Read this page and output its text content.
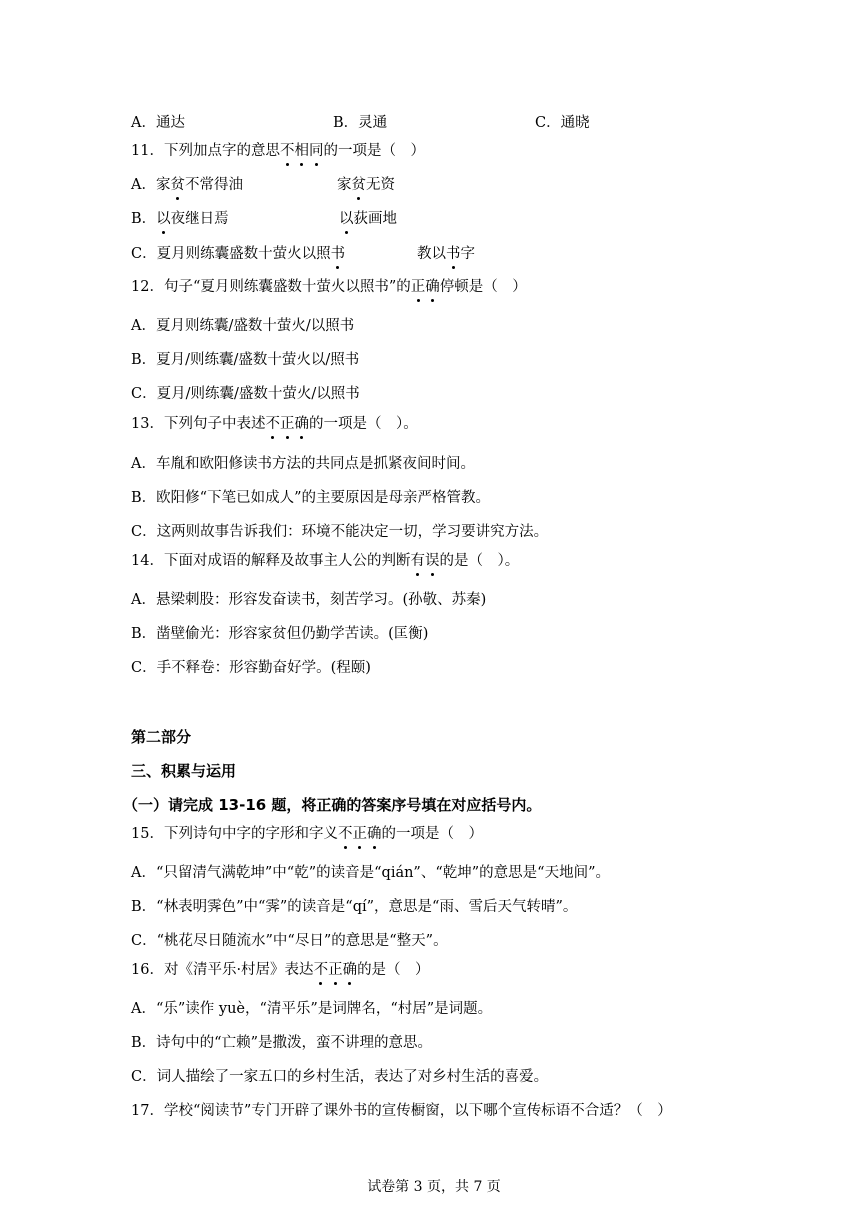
A．通达	B．灵通	C．通晓
11．下列加点字的意思不相同的一项是（　）
A．家贫不常得油	家贫无资
B．以夜继日焉	以荻画地
C．夏月则练囊盛数十萤火以照书	教以书字
12．句子“夏月则练囊盛数十萤火以照书”的正确停顿是（　）
A．夏月则练囊/盛数十萤火/以照书
B．夏月/则练囊/盛数十萤火以/照书
C．夏月/则练囊/盛数十萤火/以照书
13．下列句子中表述不正确的一项是（　）。
A．车胤和欧阳修读书方法的共同点是抓紧夜间时间。
B．欧阳修“下笔已如成人”的主要原因是母亲严格管教。
C．这两则故事告诉我们：环境不能决定一切，学习要讲究方法。
14．下面对成语的解释及故事主人公的判断有误的是（　）。
A．悬梁刺股：形容发奋读书，刻苦学习。(孙敬、苏秦)
B．凿壁偷光：形容家贫但仍勤学苦读。(匡衡)
C．手不释卷：形容勤奋好学。(程颐)
第二部分
三、积累与运用
（一）请完成 13-16 题，将正确的答案序号填在对应括号内。
15．下列诗句中字的字形和字义不正确的一项是（　）
A．“只留清气满乾坤”中“乾”的读音是“qián”、“乾坤”的意思是“天地间”。
B．“林表明霁色”中“霁”的读音是“qí”，意思是“雨、雪后天气转晴”。
C．“桃花尽日随流水”中“尽日”的意思是“整天”。
16．对《清平乐·村居》表达不正确的是（　）
A．“乐”读作 yuè，“清平乐”是词牌名，“村居”是词题。
B．诗句中的“亡赖”是撒泼，蛮不讲理的意思。
C．词人描绘了一家五口的乡村生活，表达了对乡村生活的喜爱。
17．学校“阅读节”专门开辟了课外书的宣传橱窗，以下哪个宣传标语不合适？（　）
试卷第 3 页，共 7 页
